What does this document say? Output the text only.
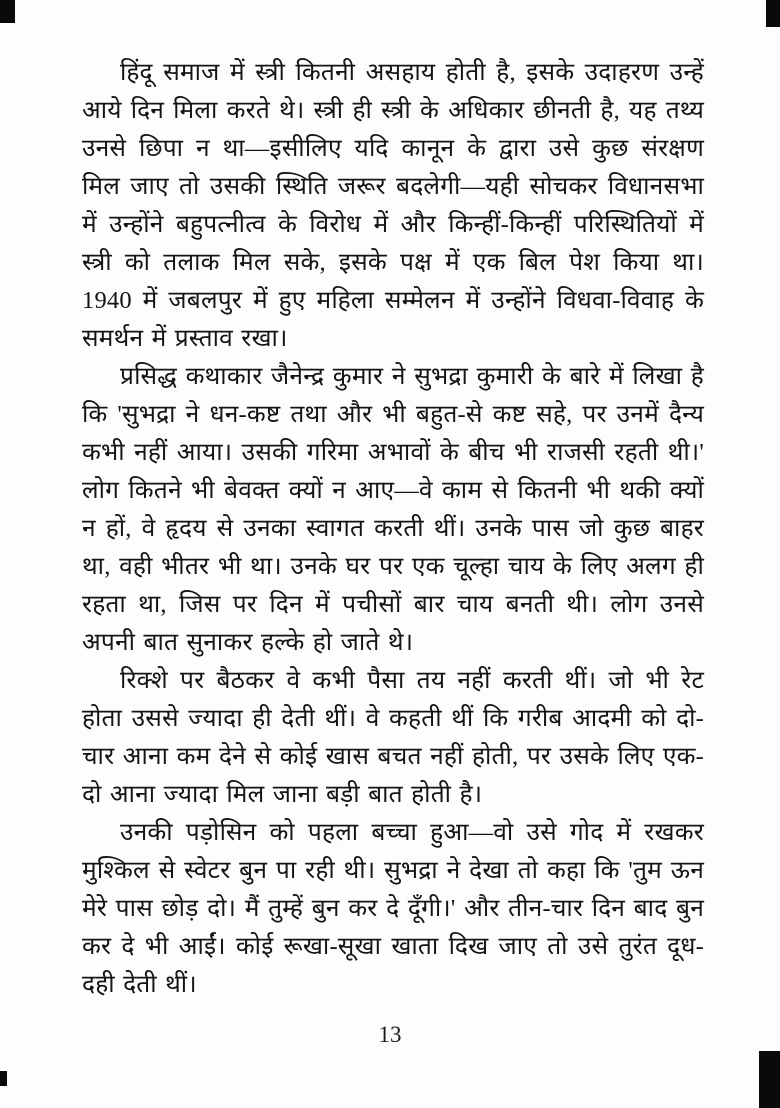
हिंदू समाज में स्त्री कितनी असहाय होती है, इसके उदाहरण उन्हें आये दिन मिला करते थे। स्त्री ही स्त्री के अधिकार छीनती है, यह तथ्य उनसे छिपा न था—इसीलिए यदि कानून के द्वारा उसे कुछ संरक्षण मिल जाए तो उसकी स्थिति जरूर बदलेगी—यही सोचकर विधानसभा में उन्होंने बहुपत्नीत्व के विरोध में और किन्हीं-किन्हीं परिस्थितियों में स्त्री को तलाक मिल सके, इसके पक्ष में एक बिल पेश किया था। 1940 में जबलपुर में हुए महिला सम्मेलन में उन्होंने विधवा-विवाह के समर्थन में प्रस्ताव रखा।

प्रसिद्ध कथाकार जैनेन्द्र कुमार ने सुभद्रा कुमारी के बारे में लिखा है कि 'सुभद्रा ने धन-कष्ट तथा और भी बहुत-से कष्ट सहे, पर उनमें दैन्य कभी नहीं आया। उसकी गरिमा अभावों के बीच भी राजसी रहती थी।' लोग कितने भी बेवक्त क्यों न आए—वे काम से कितनी भी थकी क्यों न हों, वे हृदय से उनका स्वागत करती थीं। उनके पास जो कुछ बाहर था, वही भीतर भी था। उनके घर पर एक चूल्हा चाय के लिए अलग ही रहता था, जिस पर दिन में पचीसों बार चाय बनती थी। लोग उनसे अपनी बात सुनाकर हल्के हो जाते थे।

रिक्शे पर बैठकर वे कभी पैसा तय नहीं करती थीं। जो भी रेट होता उससे ज्यादा ही देती थीं। वे कहती थीं कि गरीब आदमी को दो-चार आना कम देने से कोई खास बचत नहीं होती, पर उसके लिए एक-दो आना ज्यादा मिल जाना बड़ी बात होती है।

उनकी पड़ोसिन को पहला बच्चा हुआ—वो उसे गोद में रखकर मुश्किल से स्वेटर बुन पा रही थी। सुभद्रा ने देखा तो कहा कि 'तुम ऊन मेरे पास छोड़ दो। मैं तुम्हें बुन कर दे दूँगी।' और तीन-चार दिन बाद बुन कर दे भी आईं। कोई रूखा-सूखा खाता दिख जाए तो उसे तुरंत दूध-दही देती थीं।

13
